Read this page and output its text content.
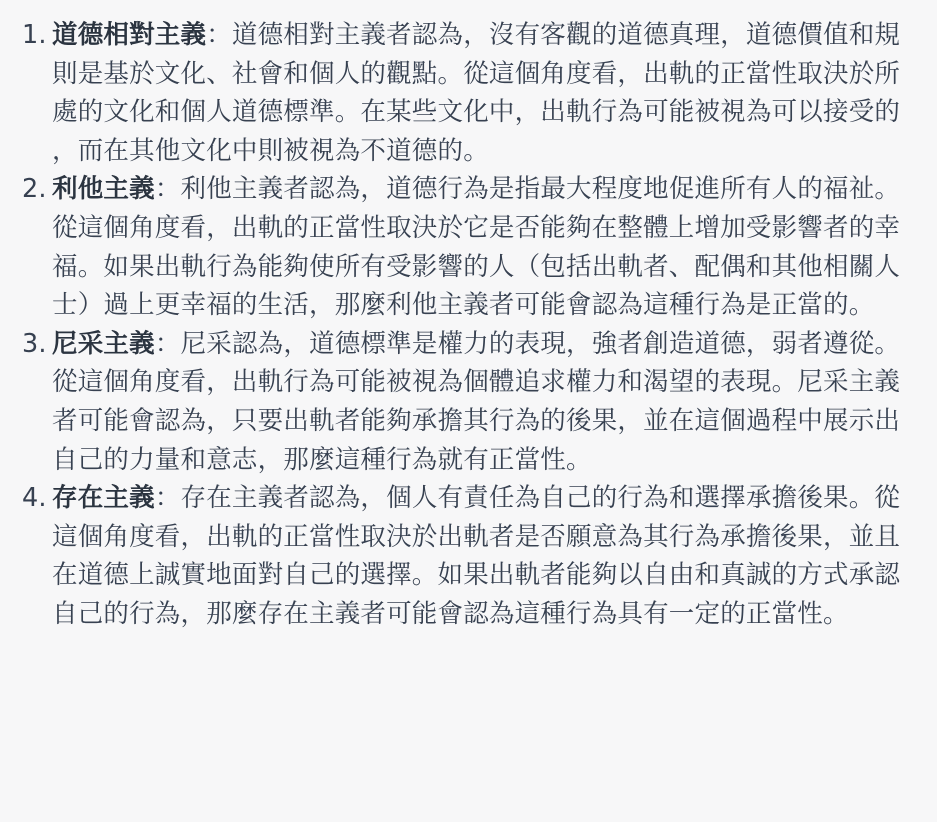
1. 道德相對主義：道德相對主義者認為，沒有客觀的道德真理，道德價值和規則是基於文化、社會和個人的觀點。從這個角度看，出軌的正當性取決於所處的文化和個人道德標準。在某些文化中，出軌行為可能被視為可以接受的，而在其他文化中則被視為不道德的。
2. 利他主義：利他主義者認為，道德行為是指最大程度地促進所有人的福祉。從這個角度看，出軌的正當性取決於它是否能夠在整體上增加受影響者的幸福。如果出軌行為能夠使所有受影響的人（包括出軌者、配偶和其他相關人士）過上更幸福的生活，那麼利他主義者可能會認為這種行為是正當的。
3. 尼采主義：尼采認為，道德標準是權力的表現，強者創造道德，弱者遵從。從這個角度看，出軌行為可能被視為個體追求權力和渴望的表現。尼采主義者可能會認為，只要出軌者能夠承擔其行為的後果，並在這個過程中展示出自己的力量和意志，那麼這種行為就有正當性。
4. 存在主義：存在主義者認為，個人有責任為自己的行為和選擇承擔後果。從這個角度看，出軌的正當性取決於出軌者是否願意為其行為承擔後果，並且在道德上誠實地面對自己的選擇。如果出軌者能夠以自由和真誠的方式承認自己的行為，那麼存在主義者可能會認為這種行為具有一定的正當性。
